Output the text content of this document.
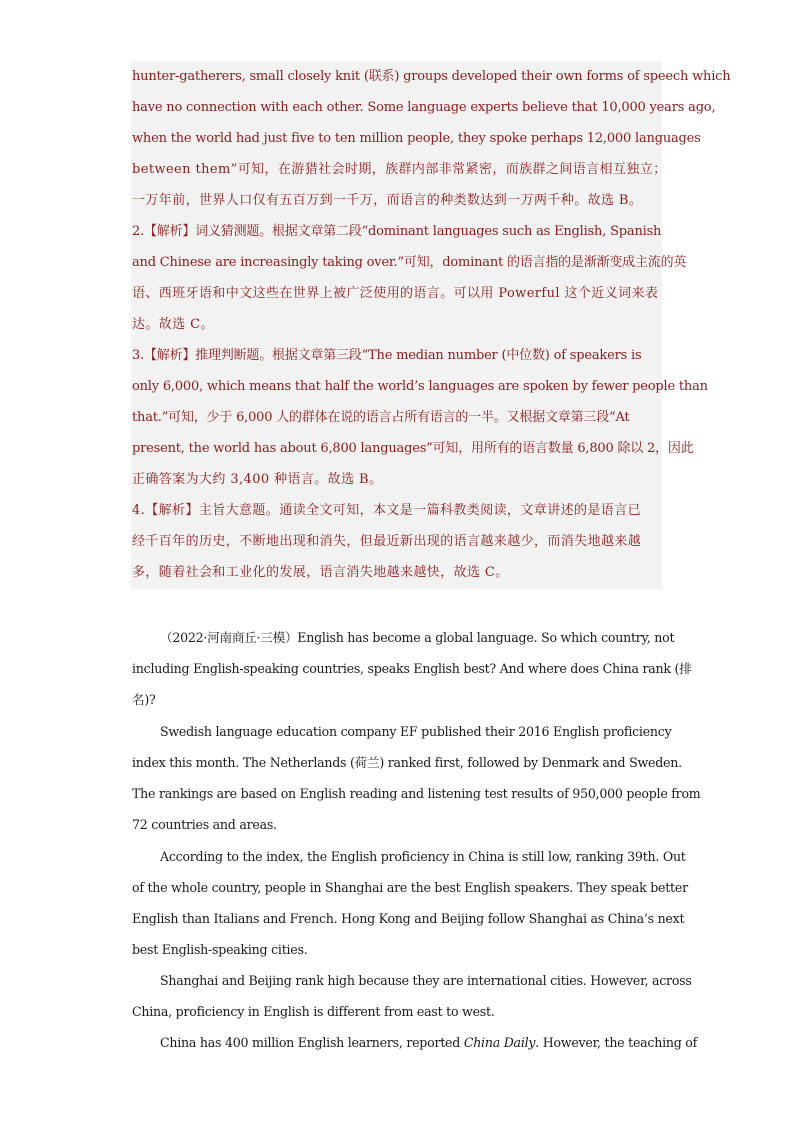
hunter-gatherers, small closely knit (联系) groups developed their own forms of speech which
have no connection with each other. Some language experts believe that 10,000 years ago,
when the world had just five to ten million people, they spoke perhaps 12,000 languages
between them”可知，在游猎社会时期，族群内部非常紧密，而族群之间语言相互独立；
一万年前，世界人口仅有五百万到一千万，而语言的种类数达到一万两千种。故选 B。
2.【解析】词义猜测题。根据文章第二段“dominant languages such as English, Spanish
and Chinese are increasingly taking over.”可知，dominant 的语言指的是渐渐变成主流的英
语、西班牙语和中文这些在世界上被广泛使用的语言。可以用 Powerful 这个近义词来表
达。故选 C。
3.【解析】推理判断题。根据文章第三段“The median number (中位数) of speakers is
only 6,000, which means that half the world’s languages are spoken by fewer people than
that.”可知，少于 6,000 人的群体在说的语言占所有语言的一半。又根据文章第三段“At
present, the world has about 6,800 languages”可知，用所有的语言数量 6,800 除以 2，因此
正确答案为大约 3,400 种语言。故选 B。
4.【解析】主旨大意题。通读全文可知，本文是一篇科教类阅读，文章讲述的是语言已
经千百年的历史，不断地出现和消失，但最近新出现的语言越来越少，而消失地越来越
多，随着社会和工业化的发展，语言消失地越来越快，故选 C。
（2022·河南商丘·三模）English has become a global language. So which country, not
including English-speaking countries, speaks English best? And where does China rank (排
名)?
Swedish language education company EF published their 2016 English proficiency
index this month. The Netherlands (荷兰) ranked first, followed by Denmark and Sweden.
The rankings are based on English reading and listening test results of 950,000 people from
72 countries and areas.
According to the index, the English proficiency in China is still low, ranking 39th. Out
of the whole country, people in Shanghai are the best English speakers. They speak better
English than Italians and French. Hong Kong and Beijing follow Shanghai as China’s next
best English-speaking cities.
Shanghai and Beijing rank high because they are international cities. However, across
China, proficiency in English is different from east to west.
China has 400 million English learners, reported China Daily. However, the teaching of
